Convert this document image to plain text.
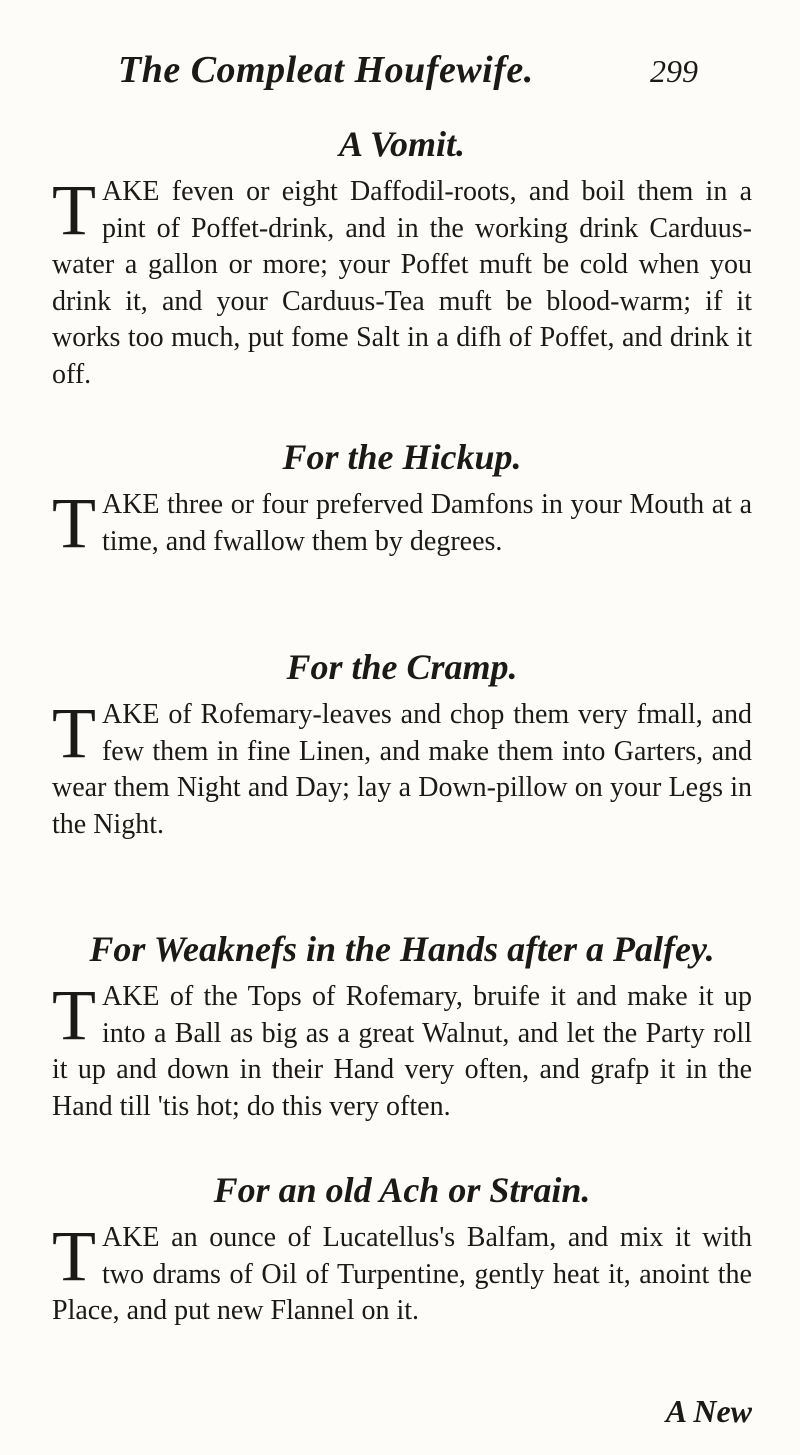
The Compleat Houfewife.	299
A Vomit.

TAKE feven or eight Daffodil-roots, and boil them in a pint of Poffet-drink, and in the working drink Carduus-water a gallon or more; your Poffet muft be cold when you drink it, and your Carduus-Tea muft be blood-warm; if it works too much, put fome Salt in a difh of Poffet, and drink it off.

For the Hickup.

TAKE three or four preferved Damfons in your Mouth at a time, and fwallow them by degrees.

For the Cramp.

TAKE of Rofemary-leaves and chop them very fmall, and few them in fine Linen, and make them into Garters, and wear them Night and Day; lay a Down-pillow on your Legs in the Night.

For Weaknefs in the Hands after a Palfey.

TAKE of the Tops of Rofemary, bruife it and make it up into a Ball as big as a great Walnut, and let the Party roll it up and down in their Hand very often, and grafp it in the Hand till 'tis hot; do this very often.

For an old Ach or Strain.

TAKE an ounce of Lucatellus's Balfam, and mix it with two drams of Oil of Turpentine, gently heat it, anoint the Place, and put new Flannel on it.

A New
